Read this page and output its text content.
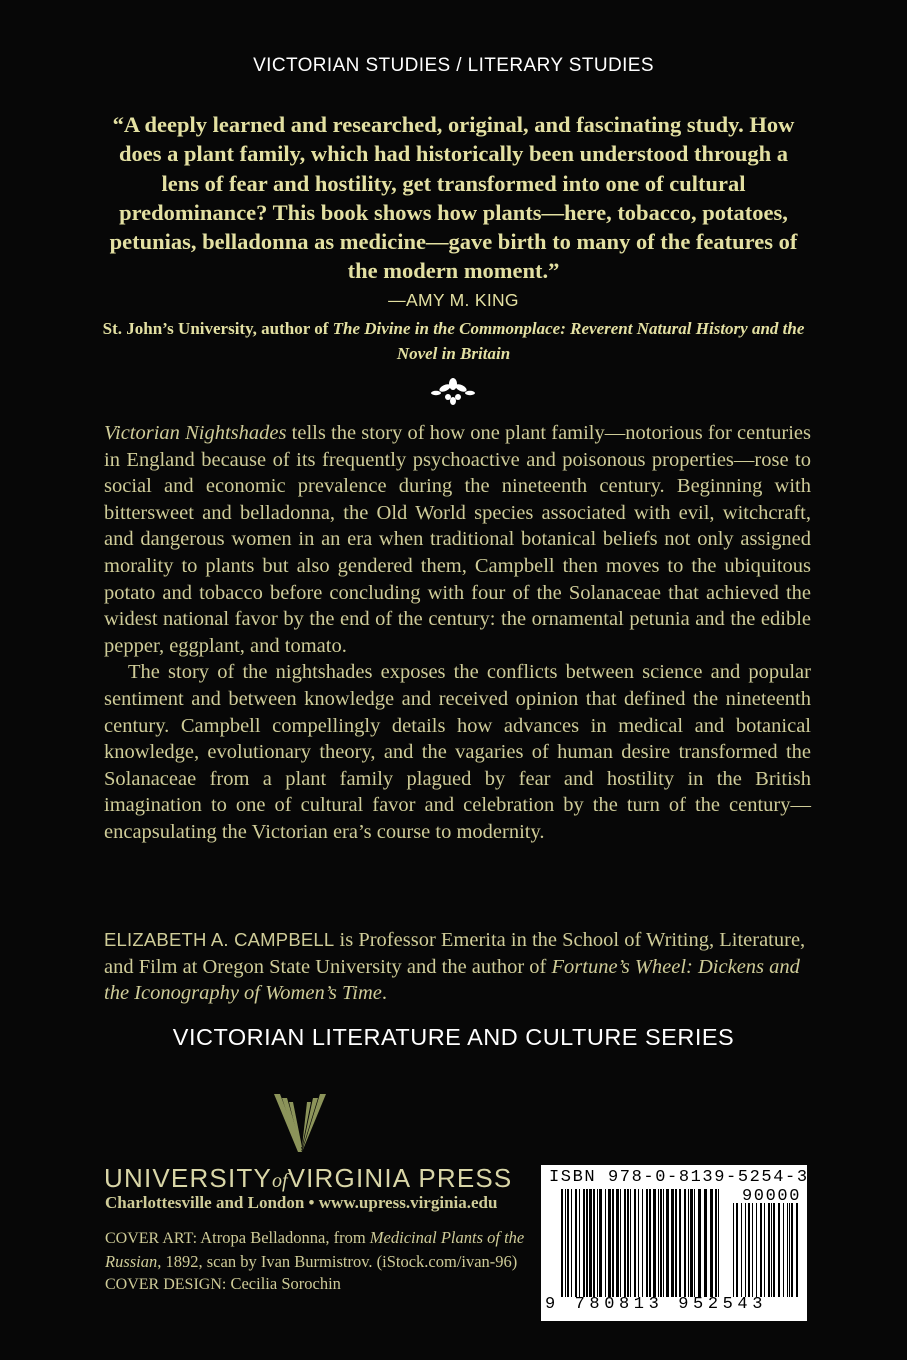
VICTORIAN STUDIES / LITERARY STUDIES
“A deeply learned and researched, original, and fascinating study. How does a plant family, which had historically been understood through a lens of fear and hostility, get transformed into one of cultural predominance? This book shows how plants—here, tobacco, potatoes, petunias, belladonna as medicine—gave birth to many of the features of the modern moment.”
—AMY M. KING
St. John’s University, author of The Divine in the Commonplace: Reverent Natural History and the Novel in Britain

Victorian Nightshades tells the story of how one plant family—notorious for centuries in England because of its frequently psychoactive and poisonous properties—rose to social and economic prevalence during the nineteenth century. Beginning with bittersweet and belladonna, the Old World species associated with evil, witchcraft, and dangerous women in an era when traditional botanical beliefs not only assigned morality to plants but also gendered them, Campbell then moves to the ubiquitous potato and tobacco before concluding with four of the Solanaceae that achieved the widest national favor by the end of the century: the ornamental petunia and the edible pepper, eggplant, and tomato.

The story of the nightshades exposes the conflicts between science and popular sentiment and between knowledge and received opinion that defined the nineteenth century. Campbell compellingly details how advances in medical and botanical knowledge, evolutionary theory, and the vagaries of human desire transformed the Solanaceae from a plant family plagued by fear and hostility in the British imagination to one of cultural favor and celebration by the turn of the century—encapsulating the Victorian era’s course to modernity.

ELIZABETH A. CAMPBELL is Professor Emerita in the School of Writing, Literature, and Film at Oregon State University and the author of Fortune’s Wheel: Dickens and the Iconography of Women’s Time.
VICTORIAN LITERATURE AND CULTURE SERIES
UNIVERSITYofVIRGINIA PRESS
Charlottesville and London • www.upress.virginia.edu

COVER ART: Atropa Belladonna, from Medicinal Plants of the Russian, 1892, scan by Ivan Burmistrov. (iStock.com/ivan-96)

COVER DESIGN: Cecilia Sorochin

ISBN 978-0-8139-5254-3
90000
9 780813 952543
